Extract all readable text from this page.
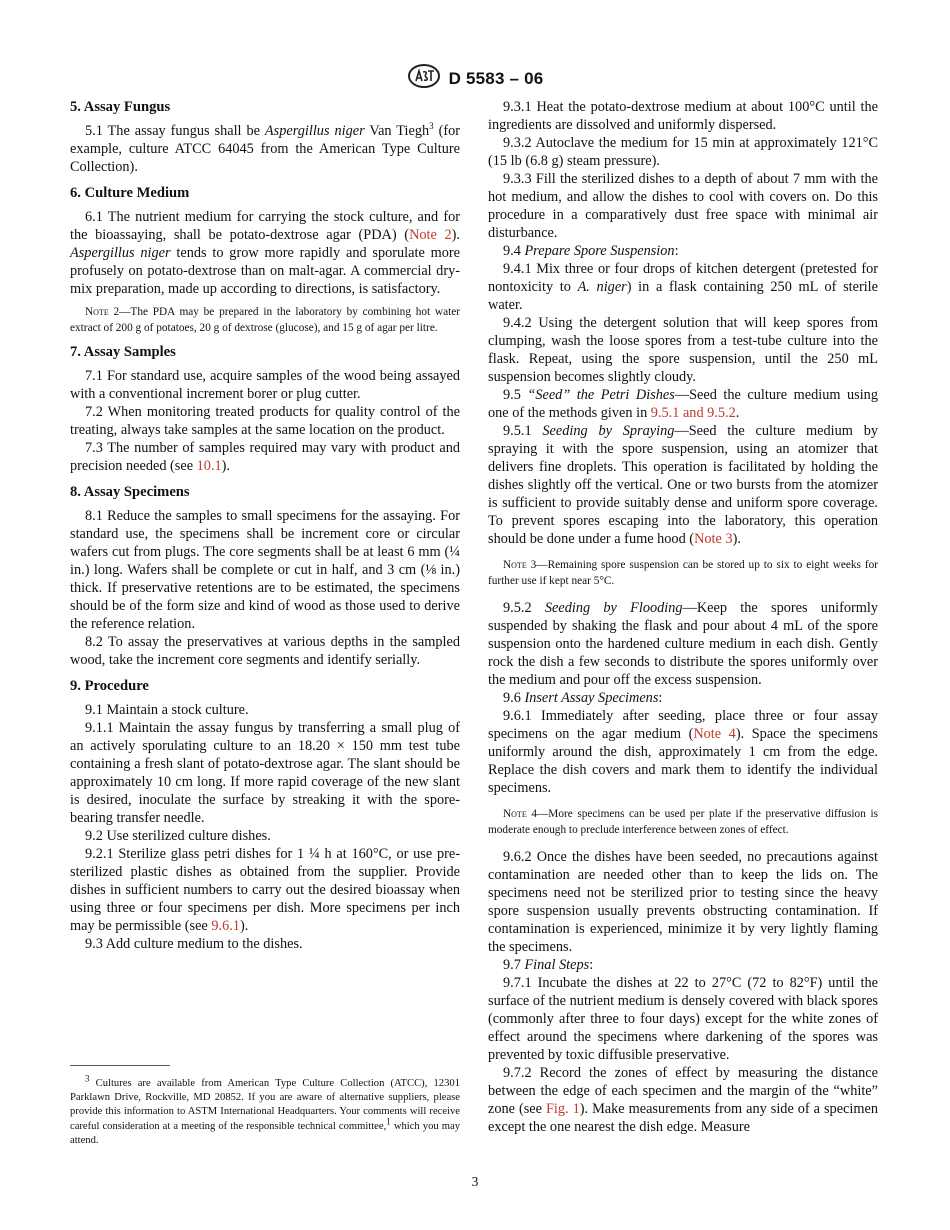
D 5583 – 06
5. Assay Fungus

5.1 The assay fungus shall be Aspergillus niger Van Tiegh$^3$ (for example, culture ATCC 64045 from the American Type Culture Collection).

6. Culture Medium

6.1 The nutrient medium for carrying the stock culture, and for the bioassaying, shall be potato-dextrose agar (PDA) (Note 2). Aspergillus niger tends to grow more rapidly and sporulate more profusely on potato-dextrose than on malt-agar. A commercial dry-mix preparation, made up according to directions, is satisfactory.

Note 2—The PDA may be prepared in the laboratory by combining hot water extract of 200 g of potatoes, 20 g of dextrose (glucose), and 15 g of agar per litre.
7. Assay Samples

7.1 For standard use, acquire samples of the wood being assayed with a conventional increment borer or plug cutter.

7.2 When monitoring treated products for quality control of the treating, always take samples at the same location on the product.

7.3 The number of samples required may vary with product and precision needed (see 10.1).

8. Assay Specimens

8.1 Reduce the samples to small specimens for the assaying. For standard use, the specimens shall be increment core or circular wafers cut from plugs. The core segments shall be at least 6 mm (¼ in.) long. Wafers shall be complete or cut in half, and 3 cm (⅛ in.) thick. If preservative retentions are to be estimated, the specimens should be of the form size and kind of wood as those used to derive the reference relation.

8.2 To assay the preservatives at various depths in the sampled wood, take the increment core segments and identify serially.

9. Procedure

9.1 Maintain a stock culture.

9.1.1 Maintain the assay fungus by transferring a small plug of an actively sporulating culture to an 18.20 × 150 mm test tube containing a fresh slant of potato-dextrose agar. The slant should be approximately 10 cm long. If more rapid coverage of the new slant is desired, inoculate the surface by streaking it with the spore-bearing transfer needle.

9.2 Use sterilized culture dishes.

9.2.1 Sterilize glass petri dishes for 1 ¼ h at 160°C, or use pre-sterilized plastic dishes as obtained from the supplier. Provide dishes in sufficient numbers to carry out the desired bioassay when using three or four specimens per dish. More specimens per inch may be permissible (see 9.6.1).

9.3 Add culture medium to the dishes.

$^3$ Cultures are available from American Type Culture Collection (ATCC), 12301 Parklawn Drive, Rockville, MD 20852. If you are aware of alternative suppliers, please provide this information to ASTM International Headquarters. Your comments will receive careful consideration at a meeting of the responsible technical committee,$^1$ which you may attend.

9.3.1 Heat the potato-dextrose medium at about 100°C until the ingredients are dissolved and uniformly dispersed.

9.3.2 Autoclave the medium for 15 min at approximately 121°C (15 lb (6.8 g) steam pressure).

9.3.3 Fill the sterilized dishes to a depth of about 7 mm with the hot medium, and allow the dishes to cool with covers on. Do this procedure in a comparatively dust free space with minimal air disturbance.

9.4 Prepare Spore Suspension:

9.4.1 Mix three or four drops of kitchen detergent (pretested for nontoxicity to A. niger) in a flask containing 250 mL of sterile water.

9.4.2 Using the detergent solution that will keep spores from clumping, wash the loose spores from a test-tube culture into the flask. Repeat, using the spore suspension, until the 250 mL suspension becomes slightly cloudy.

9.5 “Seed” the Petri Dishes—Seed the culture medium using one of the methods given in 9.5.1 and 9.5.2.

9.5.1 Seeding by Spraying—Seed the culture medium by spraying it with the spore suspension, using an atomizer that delivers fine droplets. This operation is facilitated by holding the dishes slightly off the vertical. One or two bursts from the atomizer is sufficient to provide suitably dense and uniform spore coverage. To prevent spores escaping into the laboratory, this operation should be done under a fume hood (Note 3).

Note 3—Remaining spore suspension can be stored up to six to eight weeks for further use if kept near 5°C.

9.5.2 Seeding by Flooding—Keep the spores uniformly suspended by shaking the flask and pour about 4 mL of the spore suspension onto the hardened culture medium in each dish. Gently rock the dish a few seconds to distribute the spores uniformly over the medium and pour off the excess suspension.

9.6 Insert Assay Specimens:

9.6.1 Immediately after seeding, place three or four assay specimens on the agar medium (Note 4). Space the specimens uniformly around the dish, approximately 1 cm from the edge. Replace the dish covers and mark them to identify the individual specimens.

Note 4—More specimens can be used per plate if the preservative diffusion is moderate enough to preclude interference between zones of effect.

9.6.2 Once the dishes have been seeded, no precautions against contamination are needed other than to keep the lids on. The specimens need not be sterilized prior to testing since the heavy spore suspension usually prevents obstructing contamination. If contamination is experienced, minimize it by very lightly flaming the specimens.

9.7 Final Steps:

9.7.1 Incubate the dishes at 22 to 27°C (72 to 82°F) until the surface of the nutrient medium is densely covered with black spores (commonly after three to four days) except for the white zones of effect around the specimens where darkening of the spores was prevented by toxic diffusible preservative.

9.7.2 Record the zones of effect by measuring the distance between the edge of each specimen and the margin of the “white” zone (see Fig. 1). Make measurements from any side of a specimen except the one nearest the dish edge. Measure

3
